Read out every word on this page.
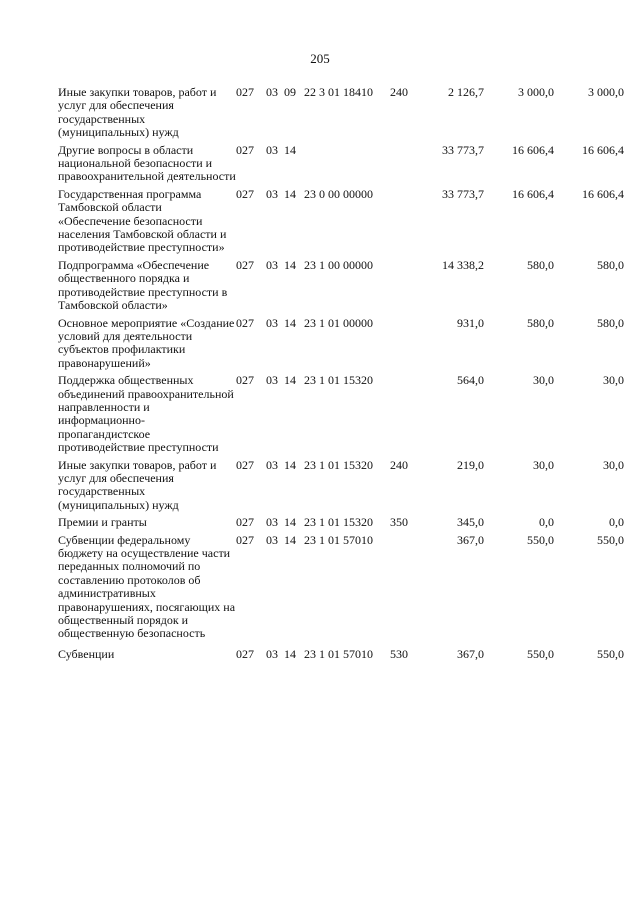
205
Иные закупки товаров, работ и услуг для обеспечения государственных (муниципальных) нужд	027	03	09	22 3 01 18410	240	2 126,7	3 000,0	3 000,0
Другие вопросы в области национальной безопасности и правоохранительной деятельности	027	03	14			33 773,7	16 606,4	16 606,4
Государственная программа Тамбовской области «Обеспечение безопасности населения Тамбовской области и противодействие преступности»	027	03	14	23 0 00 00000		33 773,7	16 606,4	16 606,4
Подпрограмма «Обеспечение общественного порядка и противодействие преступности в Тамбовской области»	027	03	14	23 1 00 00000		14 338,2	580,0	580,0
Основное мероприятие «Создание условий для деятельности субъектов профилактики правонарушений»	027	03	14	23 1 01 00000		931,0	580,0	580,0
Поддержка общественных объединений правоохранительной направленности и информационно-пропагандистское противодействие преступности	027	03	14	23 1 01 15320		564,0	30,0	30,0
Иные закупки товаров, работ и услуг для обеспечения государственных (муниципальных) нужд	027	03	14	23 1 01 15320	240	219,0	30,0	30,0
Премии и гранты	027	03	14	23 1 01 15320	350	345,0	0,0	0,0
Субвенции федеральному бюджету на осуществление части переданных полномочий по составлению протоколов об административных правонарушениях, посягающих на общественный порядок и общественную безопасность	027	03	14	23 1 01 57010		367,0	550,0	550,0
Субвенции	027	03	14	23 1 01 57010	530	367,0	550,0	550,0
